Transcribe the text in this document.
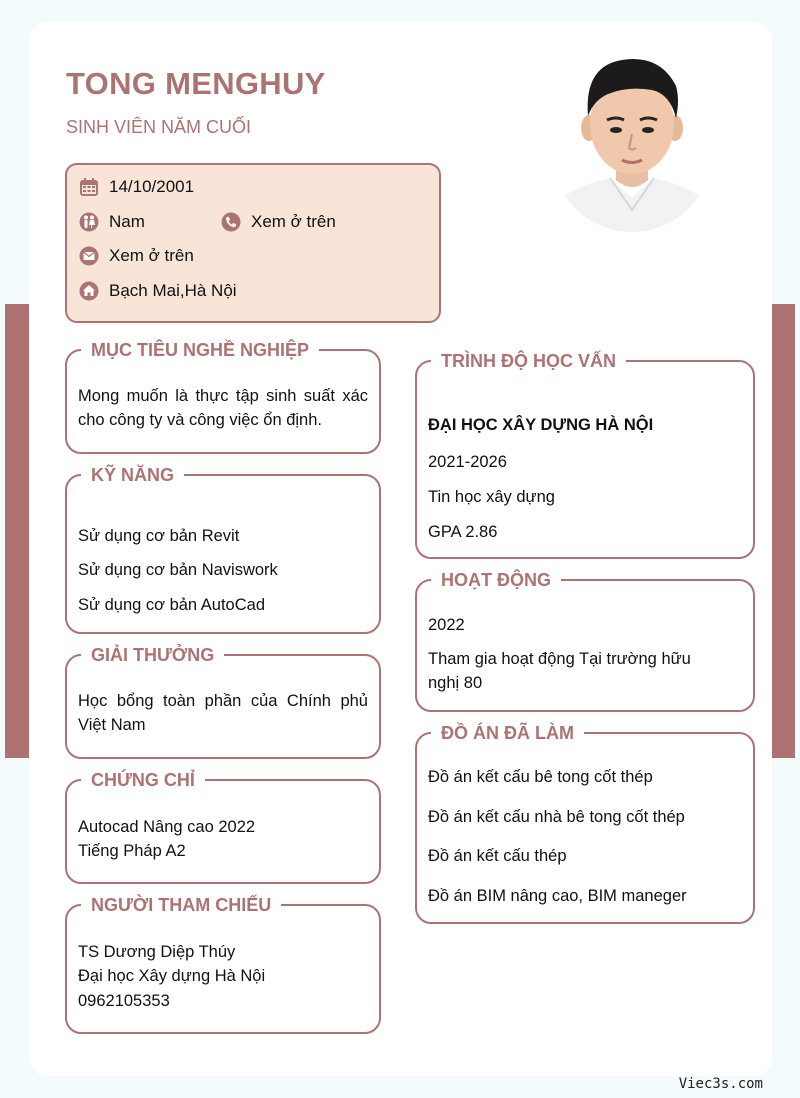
TONG MENGHUY
SINH VIÊN NĂM CUỐI
14/10/2001
Nam	Xem ở trên
Xem ở trên
Bạch Mai,Hà Nội
MỤC TIÊU NGHỀ NGHIỆP
Mong muốn là thực tập sinh suất xác cho công ty và công việc ổn định.
KỸ NĂNG
Sử dụng cơ bản Revit
Sử dụng cơ bản Naviswork
Sử dụng cơ bản AutoCad
GIẢI THƯỞNG
Học bổng toàn phần của Chính phủ Việt Nam
CHỨNG CHỈ
Autocad Nâng cao 2022
Tiếng Pháp A2
NGƯỜI THAM CHIẾU
TS Dương Diệp Thúy
Đại học Xây dựng Hà Nội
0962105353
TRÌNH ĐỘ HỌC VẤN
ĐẠI HỌC XÂY DỰNG HÀ NỘI
2021-2026
Tin học xây dựng
GPA 2.86
HOẠT ĐỘNG
2022
Tham gia hoạt động Tại trường hữu nghị 80
ĐỒ ÁN ĐÃ LÀM
Đồ án kết cấu bê tong cốt thép
Đồ án kết cấu nhà bê tong cốt thép
Đồ án kết cấu thép
Đồ án BIM nâng cao, BIM maneger
Viec3s.com
